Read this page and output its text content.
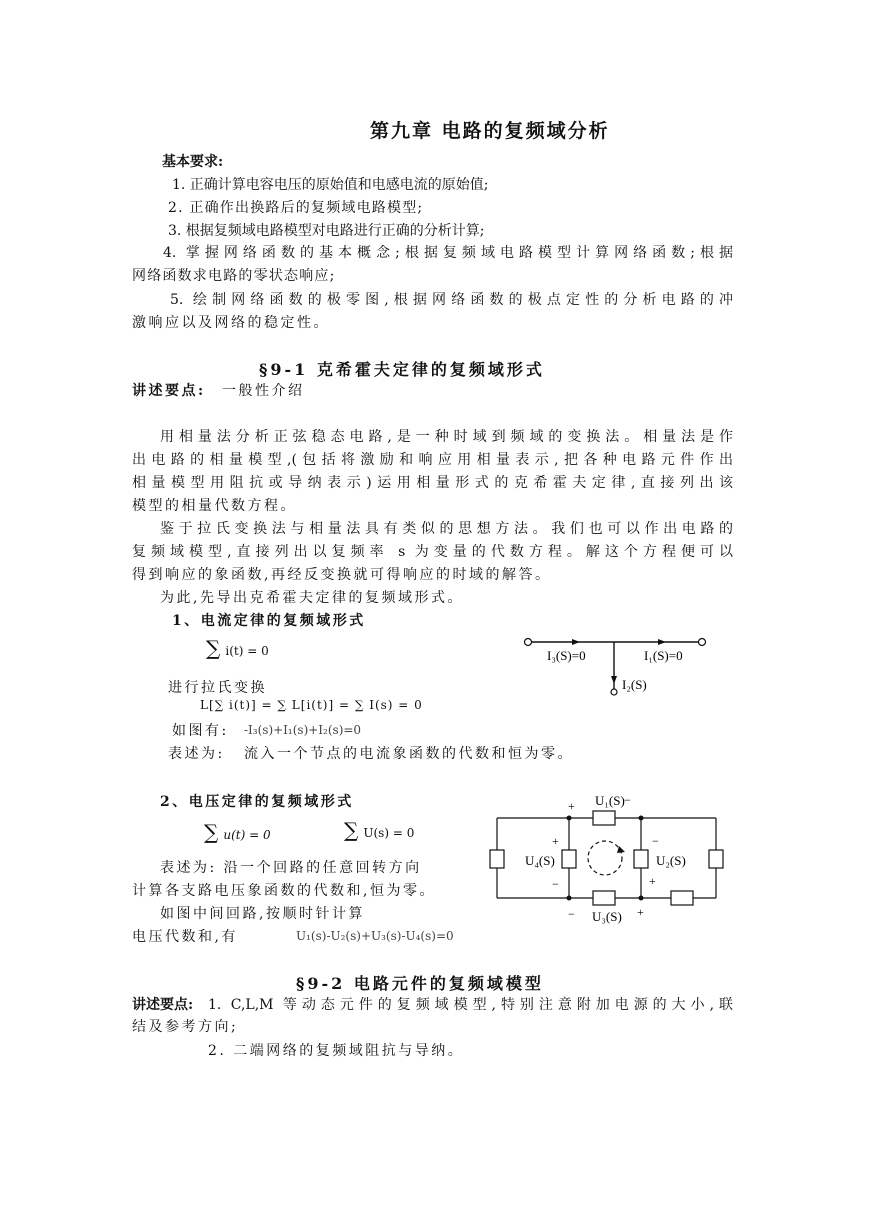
第九章 电路的复频域分析
基本要求:
1. 正确计算电容电压的原始值和电感电流的原始值;
2. 正确作出换路后的复频域电路模型;
3. 根据复频域电路模型对电路进行正确的分析计算;
4. 掌握网络函数的基本概念;根据复频域电路模型计算网络函数;根据
网络函数求电路的零状态响应;
5. 绘制网络函数的极零图,根据网络函数的极点定性的分析电路的冲
激响应以及网络的稳定性。
§9-1 克希霍夫定律的复频域形式
讲述要点: 一般性介绍
用相量法分析正弦稳态电路,是一种时域到频域的变换法。相量法是作
出电路的相量模型,(包括将激励和响应用相量表示,把各种电路元件作出
相量模型用阻抗或导纳表示)运用相量形式的克希霍夫定律,直接列出该
模型的相量代数方程。
鉴于拉氏变换法与相量法具有类似的思想方法。我们也可以作出电路的
复频域模型,直接列出以复频率 s 为变量的代数方程。解这个方程便可以
得到响应的象函数,再经反变换就可得响应的时域的解答。
为此,先导出克希霍夫定律的复频域形式。
1、电流定律的复频域形式
∑ i(t) = 0
进行拉氏变换
L[∑ i(t)] = ∑ L[i(t)] = ∑ I(s) = 0
如图有: -I₃(s)+I₁(s)+I₂(s)=0
表述为: 流入一个节点的电流象函数的代数和恒为零。
I₃(S)=0	I₁(S)=0
I₂(S)
2、电压定律的复频域形式
∑ u(t) = 0	∑ U(s) = 0
表述为: 沿一个回路的任意回转方向
计算各支路电压象函数的代数和,恒为零。
如图中间回路,按顺时针计算
电压代数和,有	U₁(s)-U₂(s)+U₃(s)-U₄(s)=0
U₁(S)
U₂(S)
U₃(S)
U₄(S)
+	−
+
−
−
+
−	+
§9-2 电路元件的复频域模型
讲述要点: 1. C,L,M 等动态元件的复频域模型,特别注意附加电源的大小,联
结及参考方向;
2. 二端网络的复频域阻抗与导纳。
